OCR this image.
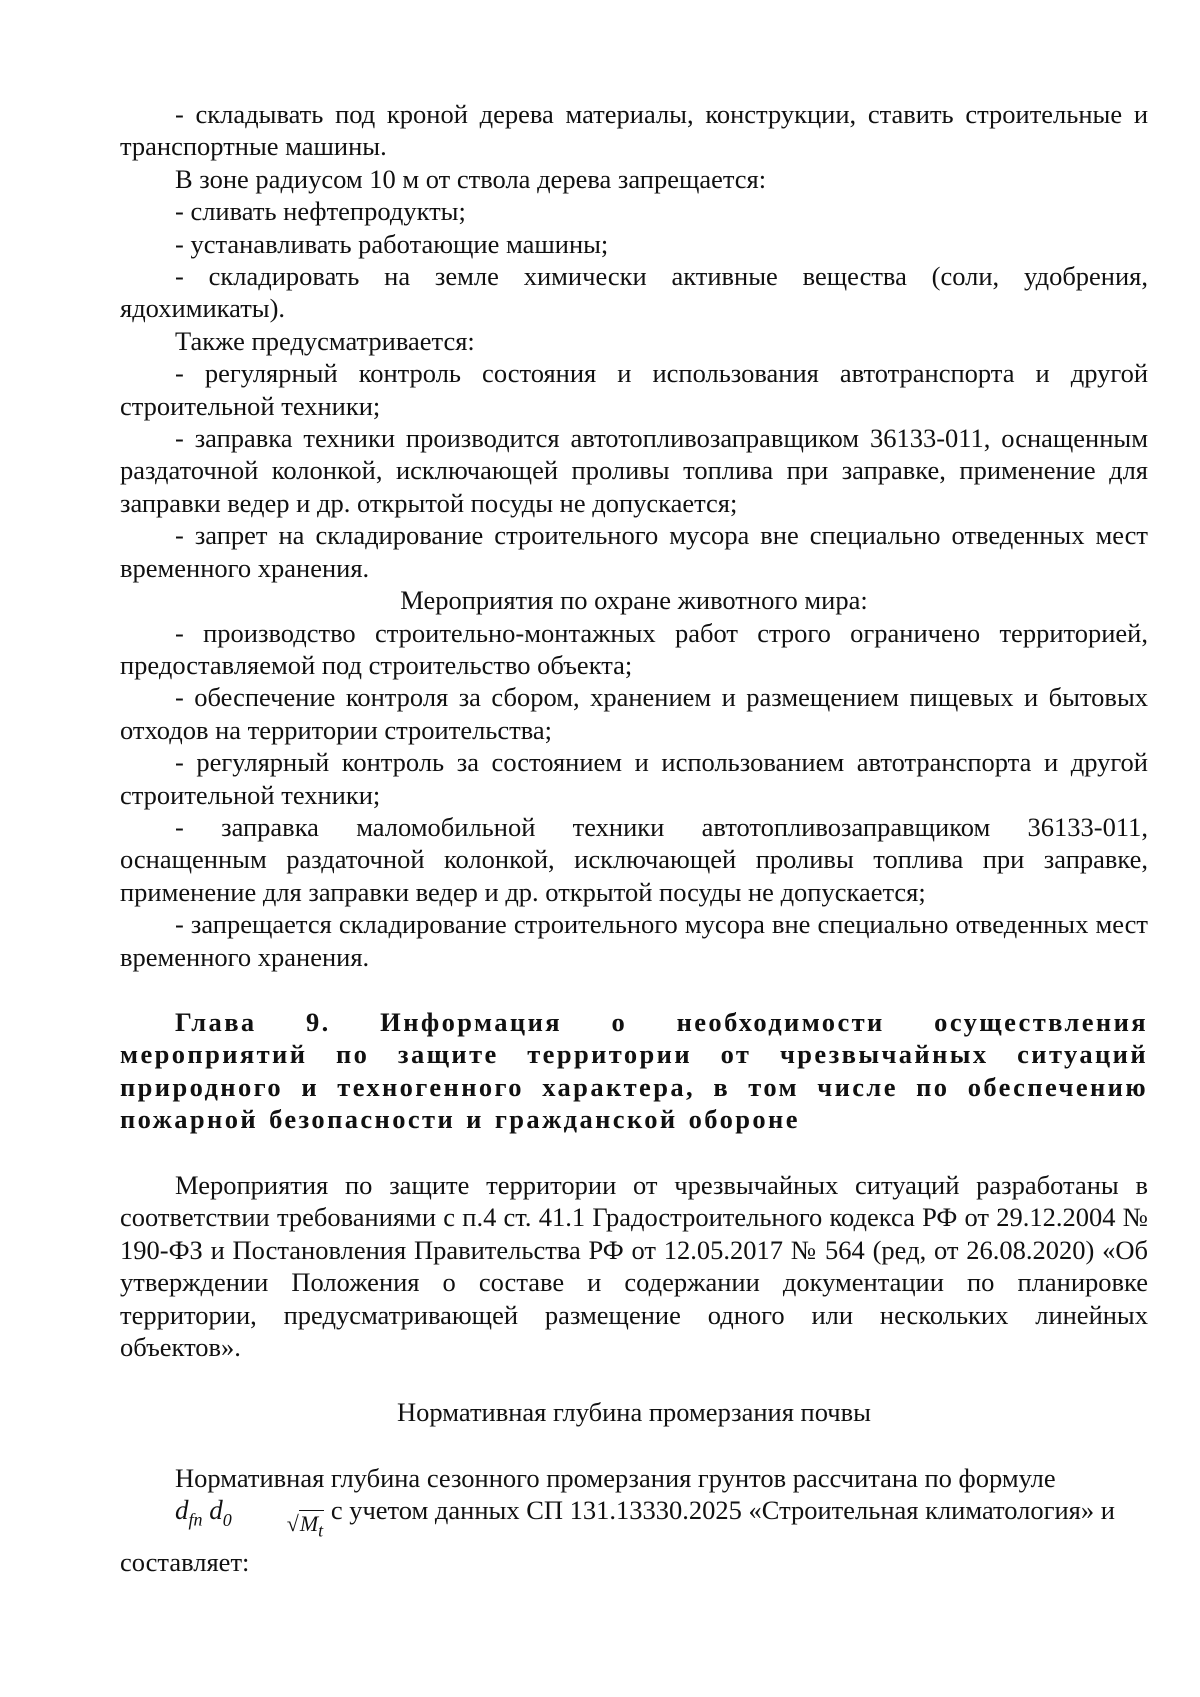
- складывать под кроной дерева материалы, конструкции, ставить строительные и транспортные машины.

В зоне радиусом 10 м от ствола дерева запрещается:

- сливать нефтепродукты;

- устанавливать работающие машины;

- складировать на земле химически активные вещества (соли, удобрения, ядохимикаты).

Также предусматривается:

- регулярный контроль состояния и использования автотранспорта и другой строительной техники;

- заправка техники производится автотопливозаправщиком 36133-011, оснащенным раздаточной колонкой, исключающей проливы топлива при заправке, применение для заправки ведер и др. открытой посуды не допускается;

- запрет на складирование строительного мусора вне специально отведенных мест временного хранения.

Мероприятия по охране животного мира:

- производство строительно-монтажных работ строго ограничено территорией, предоставляемой под строительство объекта;

- обеспечение контроля за сбором, хранением и размещением пищевых и бытовых отходов на территории строительства;

- регулярный контроль за состоянием и использованием автотранспорта и другой строительной техники;

- заправка маломобильной техники автотопливозаправщиком 36133-011, оснащенным раздаточной колонкой, исключающей проливы топлива при заправке, применение для заправки ведер и др. открытой посуды не допускается;

- запрещается складирование строительного мусора вне специально отведенных мест временного хранения.

Глава 9. Информация о необходимости осуществления мероприятий по защите территории от чрезвычайных ситуаций природного и техногенного характера, в том числе по обеспечению пожарной безопасности и гражданской обороне

Мероприятия по защите территории от чрезвычайных ситуаций разработаны в соответствии требованиями с п.4 ст. 41.1 Градостроительного кодекса РФ от 29.12.2004 № 190-ФЗ и Постановления Правительства РФ от 12.05.2017 № 564 (ред, от 26.08.2020) «Об утверждении Положения о составе и содержании документации по планировке территории, предусматривающей размещение одного или нескольких линейных объектов».

Нормативная глубина промерзания почвы

Нормативная глубина сезонного промерзания грунтов рассчитана по формуле

$d_{fn}$ $d_{0 √M_t}$ с учетом данных СП 131.13330.2025 «Строительная климатология» и

составляет:
